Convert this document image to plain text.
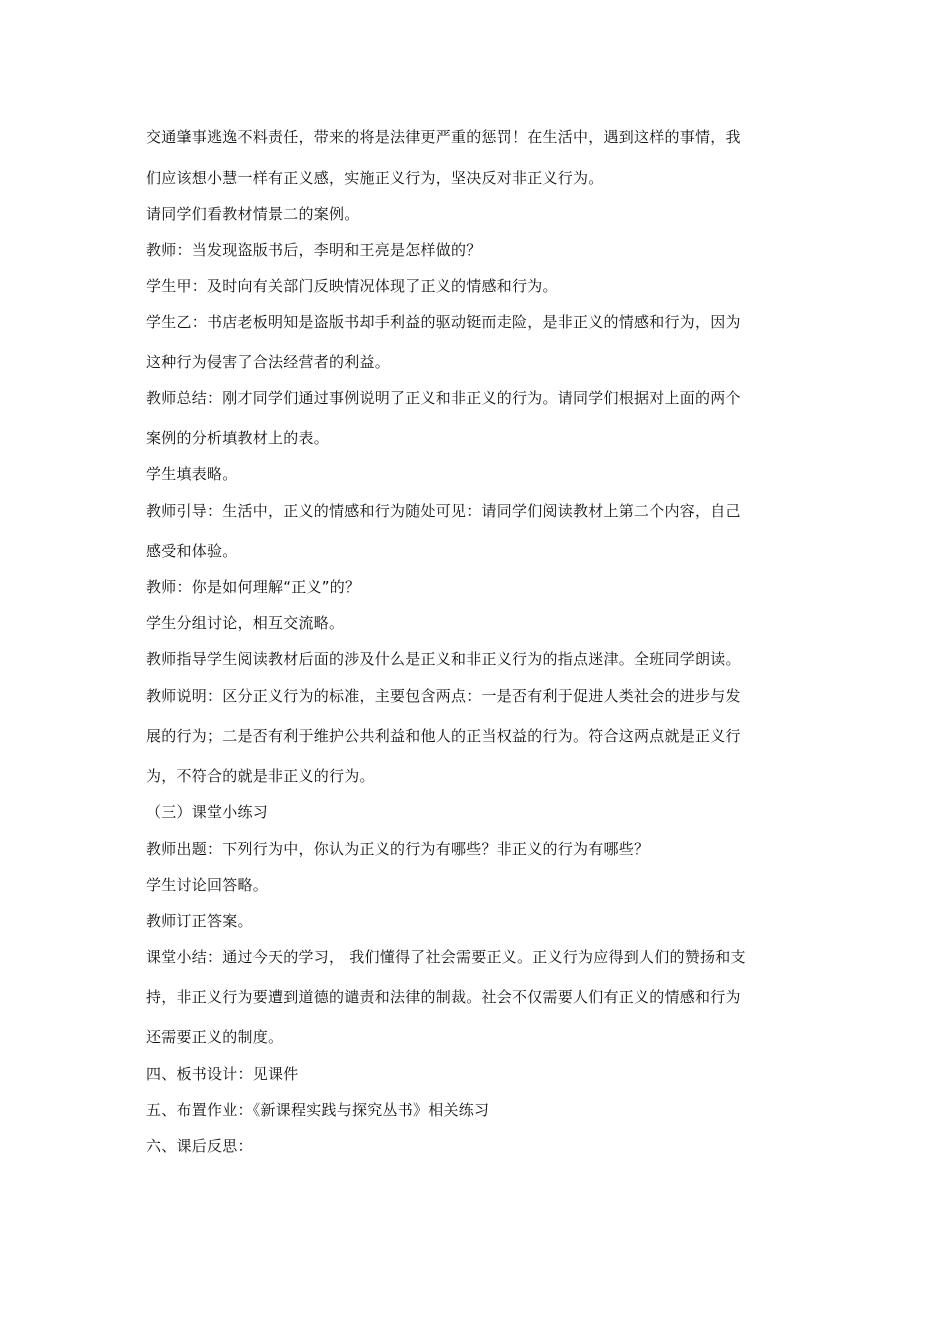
交通肇事逃逸不料责任，带来的将是法律更严重的惩罚！在生活中，遇到这样的事情，我
们应该想小慧一样有正义感，实施正义行为，坚决反对非正义行为。
请同学们看教材情景二的案例。
教师：当发现盗版书后，李明和王亮是怎样做的？
学生甲：及时向有关部门反映情况体现了正义的情感和行为。
学生乙：书店老板明知是盗版书却手利益的驱动铤而走险，是非正义的情感和行为，因为
这种行为侵害了合法经营者的利益。
教师总结：刚才同学们通过事例说明了正义和非正义的行为。请同学们根据对上面的两个
案例的分析填教材上的表。
学生填表略。
教师引导：生活中，正义的情感和行为随处可见：请同学们阅读教材上第二个内容，自己
感受和体验。
教师：你是如何理解“正义”的？
学生分组讨论，相互交流略。
教师指导学生阅读教材后面的涉及什么是正义和非正义行为的指点迷津。全班同学朗读。
教师说明：区分正义行为的标准，主要包含两点：一是否有利于促进人类社会的进步与发
展的行为；二是否有利于维护公共利益和他人的正当权益的行为。符合这两点就是正义行
为，不符合的就是非正义的行为。
（三）课堂小练习
教师出题：下列行为中，你认为正义的行为有哪些？非正义的行为有哪些？
学生讨论回答略。
教师订正答案。
课堂小结：通过今天的学习， 我们懂得了社会需要正义。正义行为应得到人们的赞扬和支
持，非正义行为要遭到道德的谴责和法律的制裁。社会不仅需要人们有正义的情感和行为
还需要正义的制度。
四、板书设计：见课件
五、布置作业：《新课程实践与探究丛书》相关练习
六、课后反思：
